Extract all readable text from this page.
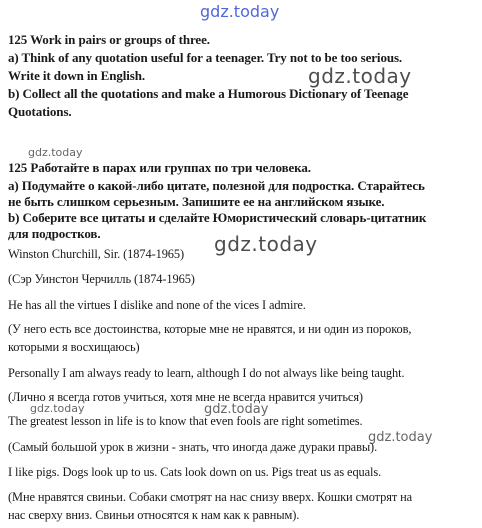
gdz.today
gdz.today
gdz.today
gdz.today
gdz.today	gdz.today
gdz.today
125 Work in pairs or groups of three.
a) Think of any quotation useful for a teenager. Try not to be too serious.
Write it down in English.
b) Collect all the quotations and make a Humorous Dictionary of Teenage
Quotations.
125 Работайте в парах или группах по три человека.
a) Подумайте о какой-либо цитате, полезной для подростка. Старайтесь
не быть слишком серьезным. Запишите ее на английском языке.
b) Соберите все цитаты и сделайте Юмористический словарь-цитатник
для подростков.
Winston Churchill, Sir. (1874-1965)
(Сэр Уинстон Черчилль (1874-1965)
He has all the virtues I dislike and none of the vices I admire.
(У него есть все достоинства, которые мне не нравятся, и ни один из пороков,
которыми я восхищаюсь)
Personally I am always ready to learn, although I do not always like being taught.
(Лично я всегда готов учиться, хотя мне не всегда нравится учиться)
The greatest lesson in life is to know that even fools are right sometimes.
(Самый большой урок в жизни - знать, что иногда даже дураки правы).
I like pigs. Dogs look up to us. Cats look down on us. Pigs treat us as equals.
(Мне нравятся свиньи. Собаки смотрят на нас снизу вверх. Кошки смотрят на
нас сверху вниз. Свиньи относятся к нам как к равным).
